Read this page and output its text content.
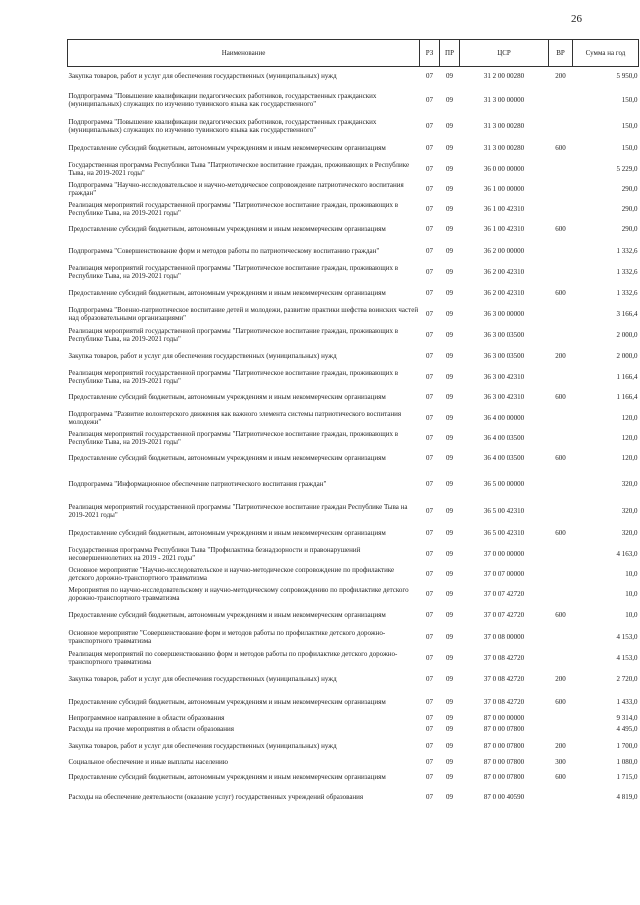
26
Наименование	РЗ	ПР	ЦСР	ВР	Сумма на год
Закупка товаров, работ и услуг для обеспечения государственных (муниципальных) нужд	07	09	31 2 00 00280	200	5 950,0
Подпрограмма "Повышение квалификации педагогических работников, государственных гражданских (муниципальных) служащих по изучению тувинского языка как государственного"	07	09	31 3 00 00000		150,0
Подпрограмма "Повышение квалификации педагогических работников, государственных гражданских (муниципальных) служащих по изучению тувинского языка как государственного"	07	09	31 3 00 00280		150,0
Предоставление субсидий бюджетным, автономным учреждениям и иным некоммерческим организациям	07	09	31 3 00 00280	600	150,0
Государственная программа Республики Тыва "Патриотическое воспитание граждан, проживающих в Республике Тыва, на 2019-2021 годы"	07	09	36 0 00 00000		5 229,0
Подпрограмма "Научно-исследовательское и научно-методическое сопровождение патриотического воспитания граждан"	07	09	36 1 00 00000		290,0
Реализация мероприятий государственной программы "Патриотическое воспитание граждан, проживающих в Республике Тыва, на 2019-2021 годы"	07	09	36 1 00 42310		290,0
Предоставление субсидий бюджетным, автономным учреждениям и иным некоммерческим организациям	07	09	36 1 00 42310	600	290,0
Подпрограмма "Совершенствование форм и методов работы по патриотическому воспитанию граждан"	07	09	36 2 00 00000		1 332,6
Реализация мероприятий государственной программы "Патриотическое воспитание граждан, проживающих в Республике Тыва, на 2019-2021 годы"	07	09	36 2 00 42310		1 332,6
Предоставление субсидий бюджетным, автономным учреждениям и иным некоммерческим организациям	07	09	36 2 00 42310	600	1 332,6
Подпрограмма "Военно-патриотическое воспитание детей и молодежи, развитие практики шефства воинских частей над образовательными организациями"	07	09	36 3 00 00000		3 166,4
Реализация мероприятий государственной программы "Патриотическое воспитание граждан, проживающих в Республике Тыва, на 2019-2021 годы"	07	09	36 3 00 03500		2 000,0
Закупка товаров, работ и услуг для обеспечения государственных (муниципальных) нужд	07	09	36 3 00 03500	200	2 000,0
Реализация мероприятий государственной программы "Патриотическое воспитание граждан, проживающих в Республике Тыва, на 2019-2021 годы"	07	09	36 3 00 42310		1 166,4
Предоставление субсидий бюджетным, автономным учреждениям и иным некоммерческим организациям	07	09	36 3 00 42310	600	1 166,4
Подпрограмма "Развитие волонтерского движения как важного элемента системы патриотического воспитания молодежи"	07	09	36 4 00 00000		120,0
Реализация мероприятий государственной программы "Патриотическое воспитание граждан, проживающих в Республике Тыва, на 2019-2021 годы"	07	09	36 4 00 03500		120,0
Предоставление субсидий бюджетным, автономным учреждениям и иным некоммерческим организациям	07	09	36 4 00 03500	600	120,0
Подпрограмма "Информационное обеспечение патриотического воспитания граждан"	07	09	36 5 00 00000		320,0
Реализация мероприятий государственной программы "Патриотическое воспитание граждан Республике Тыва на 2019-2021 годы"	07	09	36 5 00 42310		320,0
Предоставление субсидий бюджетным, автономным учреждениям и иным некоммерческим организациям	07	09	36 5 00 42310	600	320,0
Государственная программа Республики Тыва "Профилактика безнадзорности и правонарушений несовершеннолетних на 2019 - 2021 годы"	07	09	37 0 00 00000		4 163,0
Основное мероприятие "Научно-исследовательское и научно-методическое сопровождение по профилактике детского дорожно-транспортного травматизма	07	09	37 0 07 00000		10,0
Мероприятия по научно-исследовательскому и научно-методическому сопровождению по профилактике детского дорожно-транспортного травматизма	07	09	37 0 07 42720		10,0
Предоставление субсидий бюджетным, автономным учреждениям и иным некоммерческим организациям	07	09	37 0 07 42720	600	10,0
Основное мероприятие "Совершенствование форм и методов работы по профилактике детского дорожно-транспортного травматизма	07	09	37 0 08 00000		4 153,0
Реализация мероприятий по совершенствованию форм и методов работы по профилактике детского дорожно-транспортного травматизма	07	09	37 0 08 42720		4 153,0
Закупка товаров, работ и услуг для обеспечения государственных (муниципальных) нужд	07	09	37 0 08 42720	200	2 720,0
Предоставление субсидий бюджетным, автономным учреждениям и иным некоммерческим организациям	07	09	37 0 08 42720	600	1 433,0
Непрограммное направление в области образования	07	09	87 0 00 00000		9 314,0
Расходы на прочие мероприятия в области образования	07	09	87 0 00 07800		4 495,0
Закупка товаров, работ и услуг для обеспечения государственных (муниципальных) нужд	07	09	87 0 00 07800	200	1 700,0
Социальное обеспечение и иные выплаты населению	07	09	87 0 00 07800	300	1 080,0
Предоставление субсидий бюджетным, автономным учреждениям и иным некоммерческим организациям	07	09	87 0 00 07800	600	1 715,0
Расходы на обеспечение деятельности (оказание услуг) государственных учреждений образования	07	09	87 0 00 40590		4 819,0
